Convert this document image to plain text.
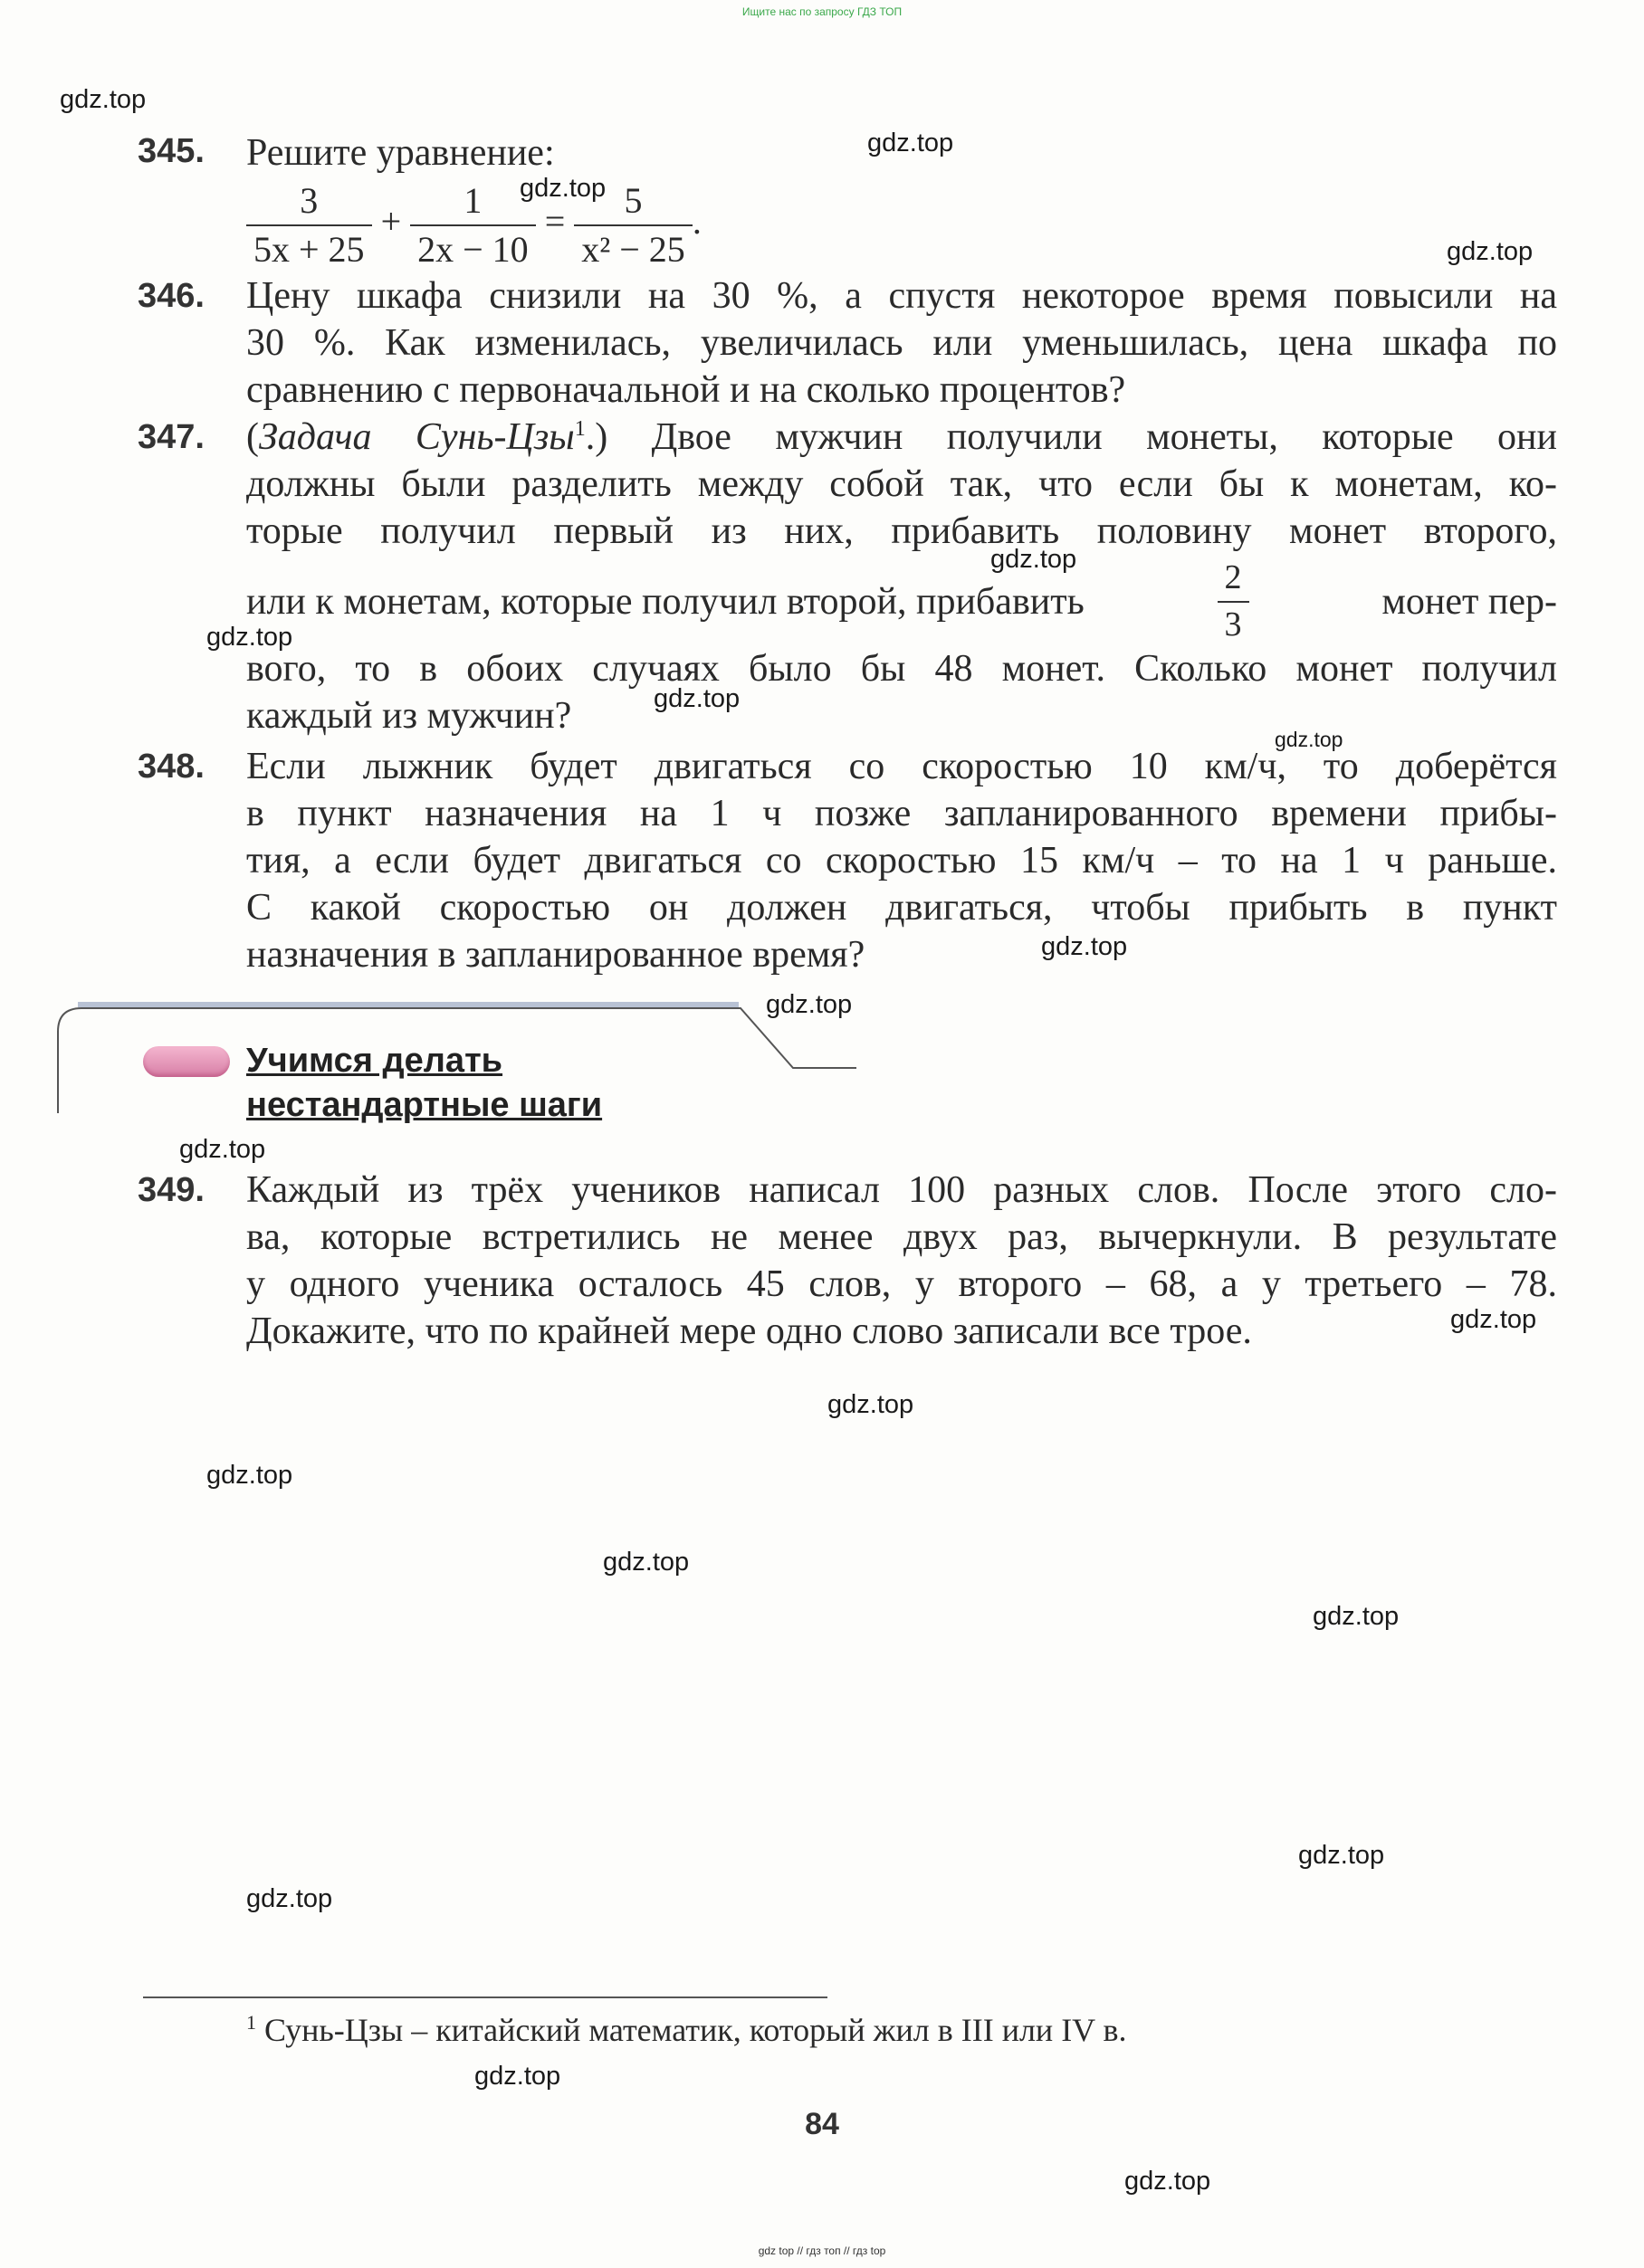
Ищите нас по запросу ГДЗ ТОП
345. Решите уравнение:
$\frac{3}{5x + 25} + \frac{1}{2x - 10} = \frac{5}{\text{x² − 25}}$ .
346. Цену шкафа снизили на 30 %, а спустя некоторое время повысили на
30 %. Как изменилась, увеличилась или уменьшилась, цена шкафа по
сравнению с первоначальной и на сколько процентов?
347. (Задача Сунь-Цзы$^1$.) Двое мужчин получили монеты, которые они
должны были разделить между собой так, что если бы к монетам, ко-
торые получил первый из них, прибавить половину монет второго,
или к монетам, которые получил второй, прибавить	$\frac{2}{3}$	монет пер-
вого, то в обоих случаях было бы 48 монет. Сколько монет получил
каждый из мужчин?
348. Если лыжник будет двигаться со скоростью 10 км/ч, то доберётся
в пункт назначения на 1 ч позже запланированного времени прибы-
тия, а если будет двигаться со скоростью 15 км/ч – то на 1 ч раньше.
С какой скоростью он должен двигаться, чтобы прибыть в пункт
назначения в запланированное время?
Учимся делать
нестандартные шаги
349. Каждый из трёх учеников написал 100 разных слов. После этого сло-
ва, которые встретились не менее двух раз, вычеркнули. В результате
у одного ученика осталось 45 слов, у второго – 68, а у третьего – 78.
Докажите, что по крайней мере одно слово записали все трое.
$^1$ Сунь-Цзы – китайский математик, который жил в III или IV в.
84
gdz.top
gdz.top
gdz.top
gdz.top
gdz.top
gdz.top
gdz.top
gdz.top
gdz.top
gdz.top
gdz.top
gdz.top
gdz.top
gdz.top
gdz.top
gdz.top
gdz.top
gdz.top
gdz.top
gdz.top
gdz top // гдз топ // гдз top
